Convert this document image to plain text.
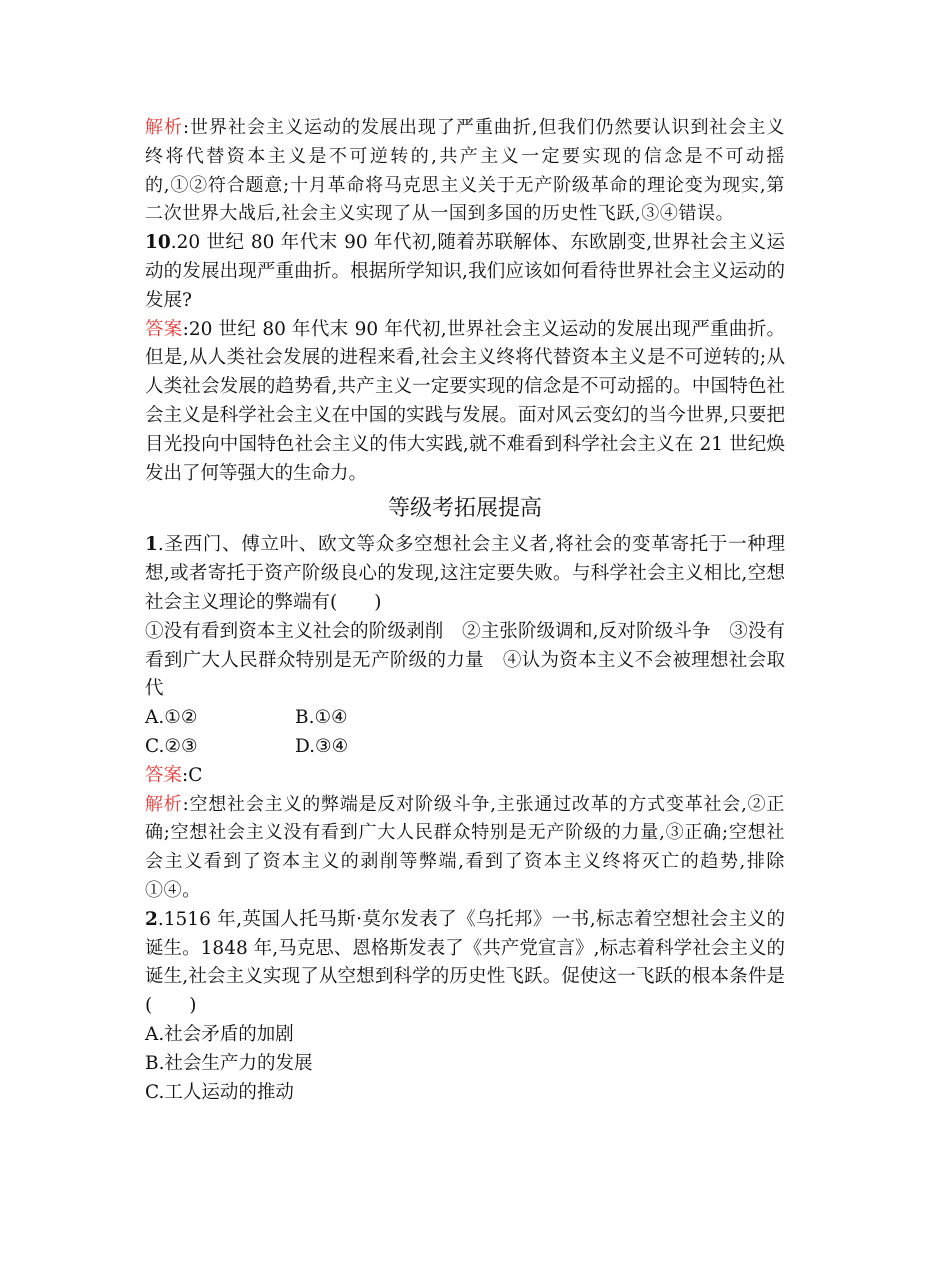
解析:世界社会主义运动的发展出现了严重曲折,但我们仍然要认识到社会主义终将代替资本主义是不可逆转的,共产主义一定要实现的信念是不可动摇的,①②符合题意;十月革命将马克思主义关于无产阶级革命的理论变为现实,第二次世界大战后,社会主义实现了从一国到多国的历史性飞跃,③④错误。

10.20 世纪 80 年代末 90 年代初,随着苏联解体、东欧剧变,世界社会主义运动的发展出现严重曲折。根据所学知识,我们应该如何看待世界社会主义运动的发展?

答案:20 世纪 80 年代末 90 年代初,世界社会主义运动的发展出现严重曲折。但是,从人类社会发展的进程来看,社会主义终将代替资本主义是不可逆转的;从人类社会发展的趋势看,共产主义一定要实现的信念是不可动摇的。中国特色社会主义是科学社会主义在中国的实践与发展。面对风云变幻的当今世界,只要把目光投向中国特色社会主义的伟大实践,就不难看到科学社会主义在 21 世纪焕发出了何等强大的生命力。

等级考拓展提高

1.圣西门、傅立叶、欧文等众多空想社会主义者,将社会的变革寄托于一种理想,或者寄托于资产阶级良心的发现,这注定要失败。与科学社会主义相比,空想社会主义理论的弊端有(　　)

①没有看到资本主义社会的阶级剥削　②主张阶级调和,反对阶级斗争　③没有看到广大人民群众特别是无产阶级的力量　④认为资本主义不会被理想社会取代

A.①②	B.①④
C.②③	D.③④

答案:C

解析:空想社会主义的弊端是反对阶级斗争,主张通过改革的方式变革社会,②正确;空想社会主义没有看到广大人民群众特别是无产阶级的力量,③正确;空想社会主义看到了资本主义的剥削等弊端,看到了资本主义终将灭亡的趋势,排除①④。

2.1516 年,英国人托马斯·莫尔发表了《乌托邦》一书,标志着空想社会主义的诞生。1848 年,马克思、恩格斯发表了《共产党宣言》,标志着科学社会主义的诞生,社会主义实现了从空想到科学的历史性飞跃。促使这一飞跃的根本条件是(　　)

A.社会矛盾的加剧
B.社会生产力的发展
C.工人运动的推动
